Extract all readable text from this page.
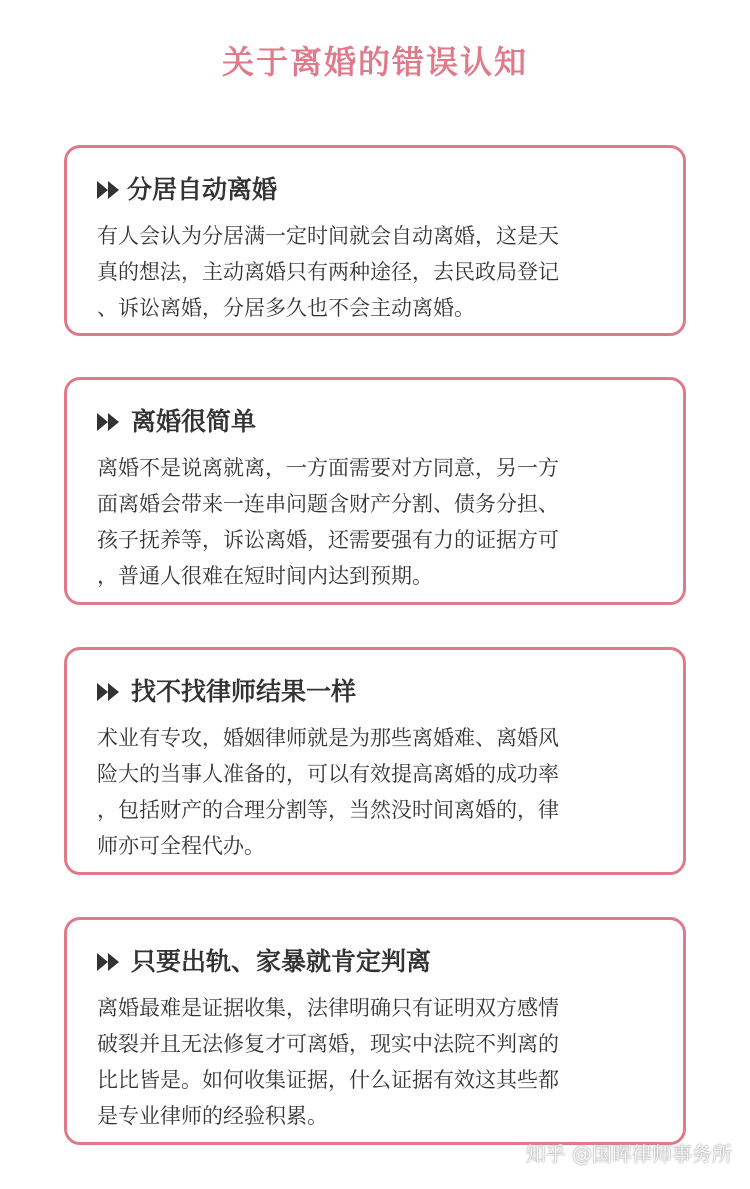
关于离婚的错误认知
分居自动离婚
有人会认为分居满一定时间就会自动离婚，这是天
真的想法，主动离婚只有两种途径，去民政局登记
、诉讼离婚，分居多久也不会主动离婚。
离婚很简单
离婚不是说离就离，一方面需要对方同意，另一方
面离婚会带来一连串问题含财产分割、债务分担、
孩子抚养等，诉讼离婚，还需要强有力的证据方可
，普通人很难在短时间内达到预期。
找不找律师结果一样
术业有专攻，婚姻律师就是为那些离婚难、离婚风
险大的当事人准备的，可以有效提高离婚的成功率
，包括财产的合理分割等，当然没时间离婚的，律
师亦可全程代办。
只要出轨、家暴就肯定判离
离婚最难是证据收集，法律明确只有证明双方感情
破裂并且无法修复才可离婚，现实中法院不判离的
比比皆是。如何收集证据，什么证据有效这其些都
是专业律师的经验积累。
知乎 @国晖律师事务所
